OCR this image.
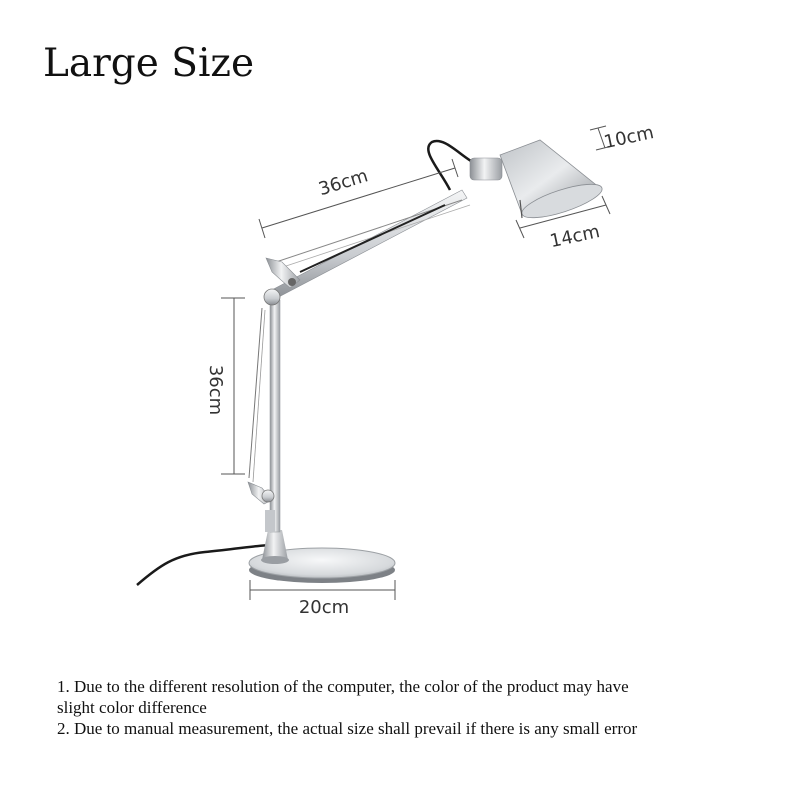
Large Size
36cm
36cm
10cm
14cm
20cm
1. Due to the different resolution of the computer, the color of the product may have
slight color difference
2. Due to manual measurement, the actual size shall prevail if there is any small error
